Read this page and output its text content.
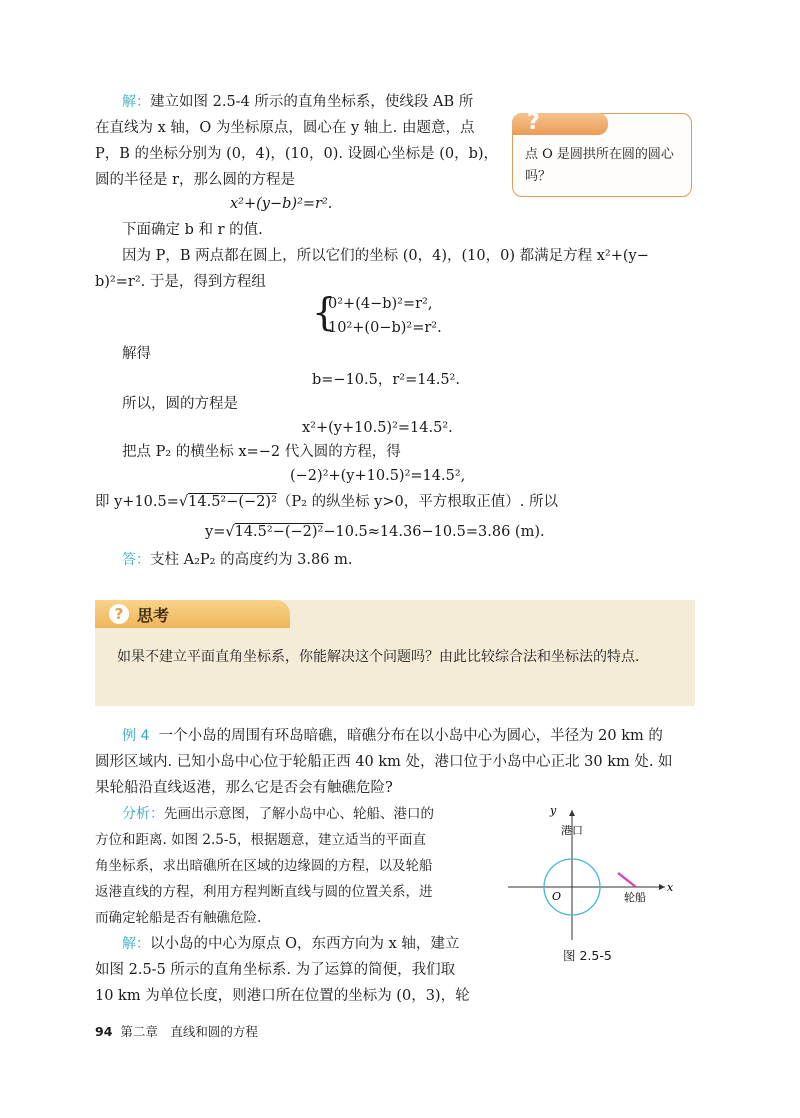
解：建立如图 2.5-4 所示的直角坐标系，使线段 AB 所
在直线为 x 轴，O 为坐标原点，圆心在 y 轴上. 由题意，点
P，B 的坐标分别为 (0，4)，(10，0). 设圆心坐标是 (0，b)，
圆的半径是 r，那么圆的方程是
x²+(y−b)²=r².
下面确定 b 和 r 的值.
因为 P，B 两点都在圆上，所以它们的坐标 (0，4)，(10，0) 都满足方程 x²+(y−
b)²=r². 于是，得到方程组
{
0²+(4−b)²=r²,
10²+(0−b)²=r².
解得
b=−10.5，r²=14.5².
所以，圆的方程是
x²+(y+10.5)²=14.5².
把点 P₂ 的横坐标 x=−2 代入圆的方程，得
(−2)²+(y+10.5)²=14.5²,
即 y+10.5=√14.5²−(−2)²（P₂ 的纵坐标 y>0，平方根取正值）. 所以
y=√14.5²−(−2)²−10.5≈14.36−10.5=3.86 (m).
答：支柱 A₂P₂ 的高度约为 3.86 m.
?
点 O 是圆拱所在圆的圆心吗？
? 思考
如果不建立平面直角坐标系，你能解决这个问题吗？由此比较综合法和坐标法的特点.
例 4 一个小岛的周围有环岛暗礁，暗礁分布在以小岛中心为圆心，半径为 20 km 的
圆形区域内. 已知小岛中心位于轮船正西 40 km 处，港口位于小岛中心正北 30 km 处. 如
果轮船沿直线返港，那么它是否会有触礁危险?
分析：先画出示意图，了解小岛中心、轮船、港口的
方位和距离. 如图 2.5-5，根据题意，建立适当的平面直
角坐标系，求出暗礁所在区域的边缘圆的方程，以及轮船
返港直线的方程，利用方程判断直线与圆的位置关系，进
而确定轮船是否有触礁危险.
解：以小岛的中心为原点 O，东西方向为 x 轴，建立
如图 2.5-5 所示的直角坐标系. 为了运算的简便，我们取
10 km 为单位长度，则港口所在位置的坐标为 (0，3)，轮
y
x
O
港口
轮船
图 2.5-5
94 第二章　直线和圆的方程
